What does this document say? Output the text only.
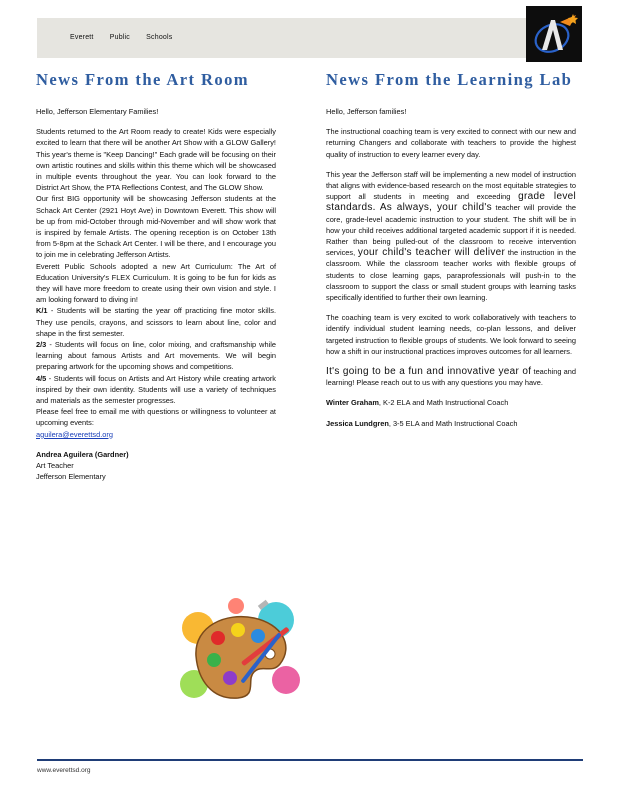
Everett Public Schools
News From the Art Room

Hello, Jefferson Elementary Families!

Students returned to the Art Room ready to create! Kids were especially excited to learn that there will be another Art Show with a GLOW Gallery! This year's theme is "Keep Dancing!" Each grade will be focusing on their own artistic routines and skills within this theme which will be showcased in multiple events throughout the year. You can look forward to the District Art Show, the PTA Reflections Contest, and The GLOW Show.

Our first BIG opportunity will be showcasing Jefferson students at the Schack Art Center (2921 Hoyt Ave) in Downtown Everett. This show will be up from mid-October through mid-November and will show work that is inspired by female Artists. The opening reception is on October 13th from 5-8pm at the Schack Art Center. I will be there, and I encourage you to join me in celebrating Jefferson Artists.

Everett Public Schools adopted a new Art Curriculum: The Art of Education University's FLEX Curriculum. It is going to be fun for kids as they will have more freedom to create using their own vision and style. I am looking forward to diving in!

K/1 - Students will be starting the year off practicing fine motor skills. They use pencils, crayons, and scissors to learn about line, color and shape in the first semester.

2/3 - Students will focus on line, color mixing, and craftsmanship while learning about famous Artists and Art movements. We will begin preparing artwork for the upcoming shows and competitions.

4/5 - Students will focus on Artists and Art History while creating artwork inspired by their own identity. Students will use a variety of techniques and materials as the semester progresses.

Please feel free to email me with questions or willingness to volunteer at upcoming events:

aguilera@everettsd.org

Andrea Aguilera (Gardner)

Art Teacher

Jefferson Elementary

News From the Learning Lab

Hello, Jefferson families!

The instructional coaching team is very excited to connect with our new and returning Changers and collaborate with teachers to provide the highest quality of instruction to every learner every day.

This year the Jefferson staff will be implementing a new model of instruction that aligns with evidence-based research on the most equitable strategies to support all students in meeting and exceeding grade level standards. As always, your child's teacher will provide the core, grade-level academic instruction to your student. The shift will be in how your child receives additional targeted academic support if it is needed. Rather than being pulled-out of the classroom to receive intervention services, your child's teacher will deliver the instruction in the classroom. While the classroom teacher works with flexible groups of students to close learning gaps, paraprofessionals will push-in to the classroom to support the class or small student groups with learning tasks specifically identified to further their own learning.

The coaching team is very excited to work collaboratively with teachers to identify individual student learning needs, co-plan lessons, and deliver targeted instruction to flexible groups of students. We look forward to seeing how a shift in our instructional practices improves outcomes for all learners.

It's going to be a fun and innovative year of teaching and learning! Please reach out to us with any questions you may have.

Winter Graham, K-2 ELA and Math Instructional Coach

Jessica Lundgren, 3-5 ELA and Math Instructional Coach

www.everettsd.org
